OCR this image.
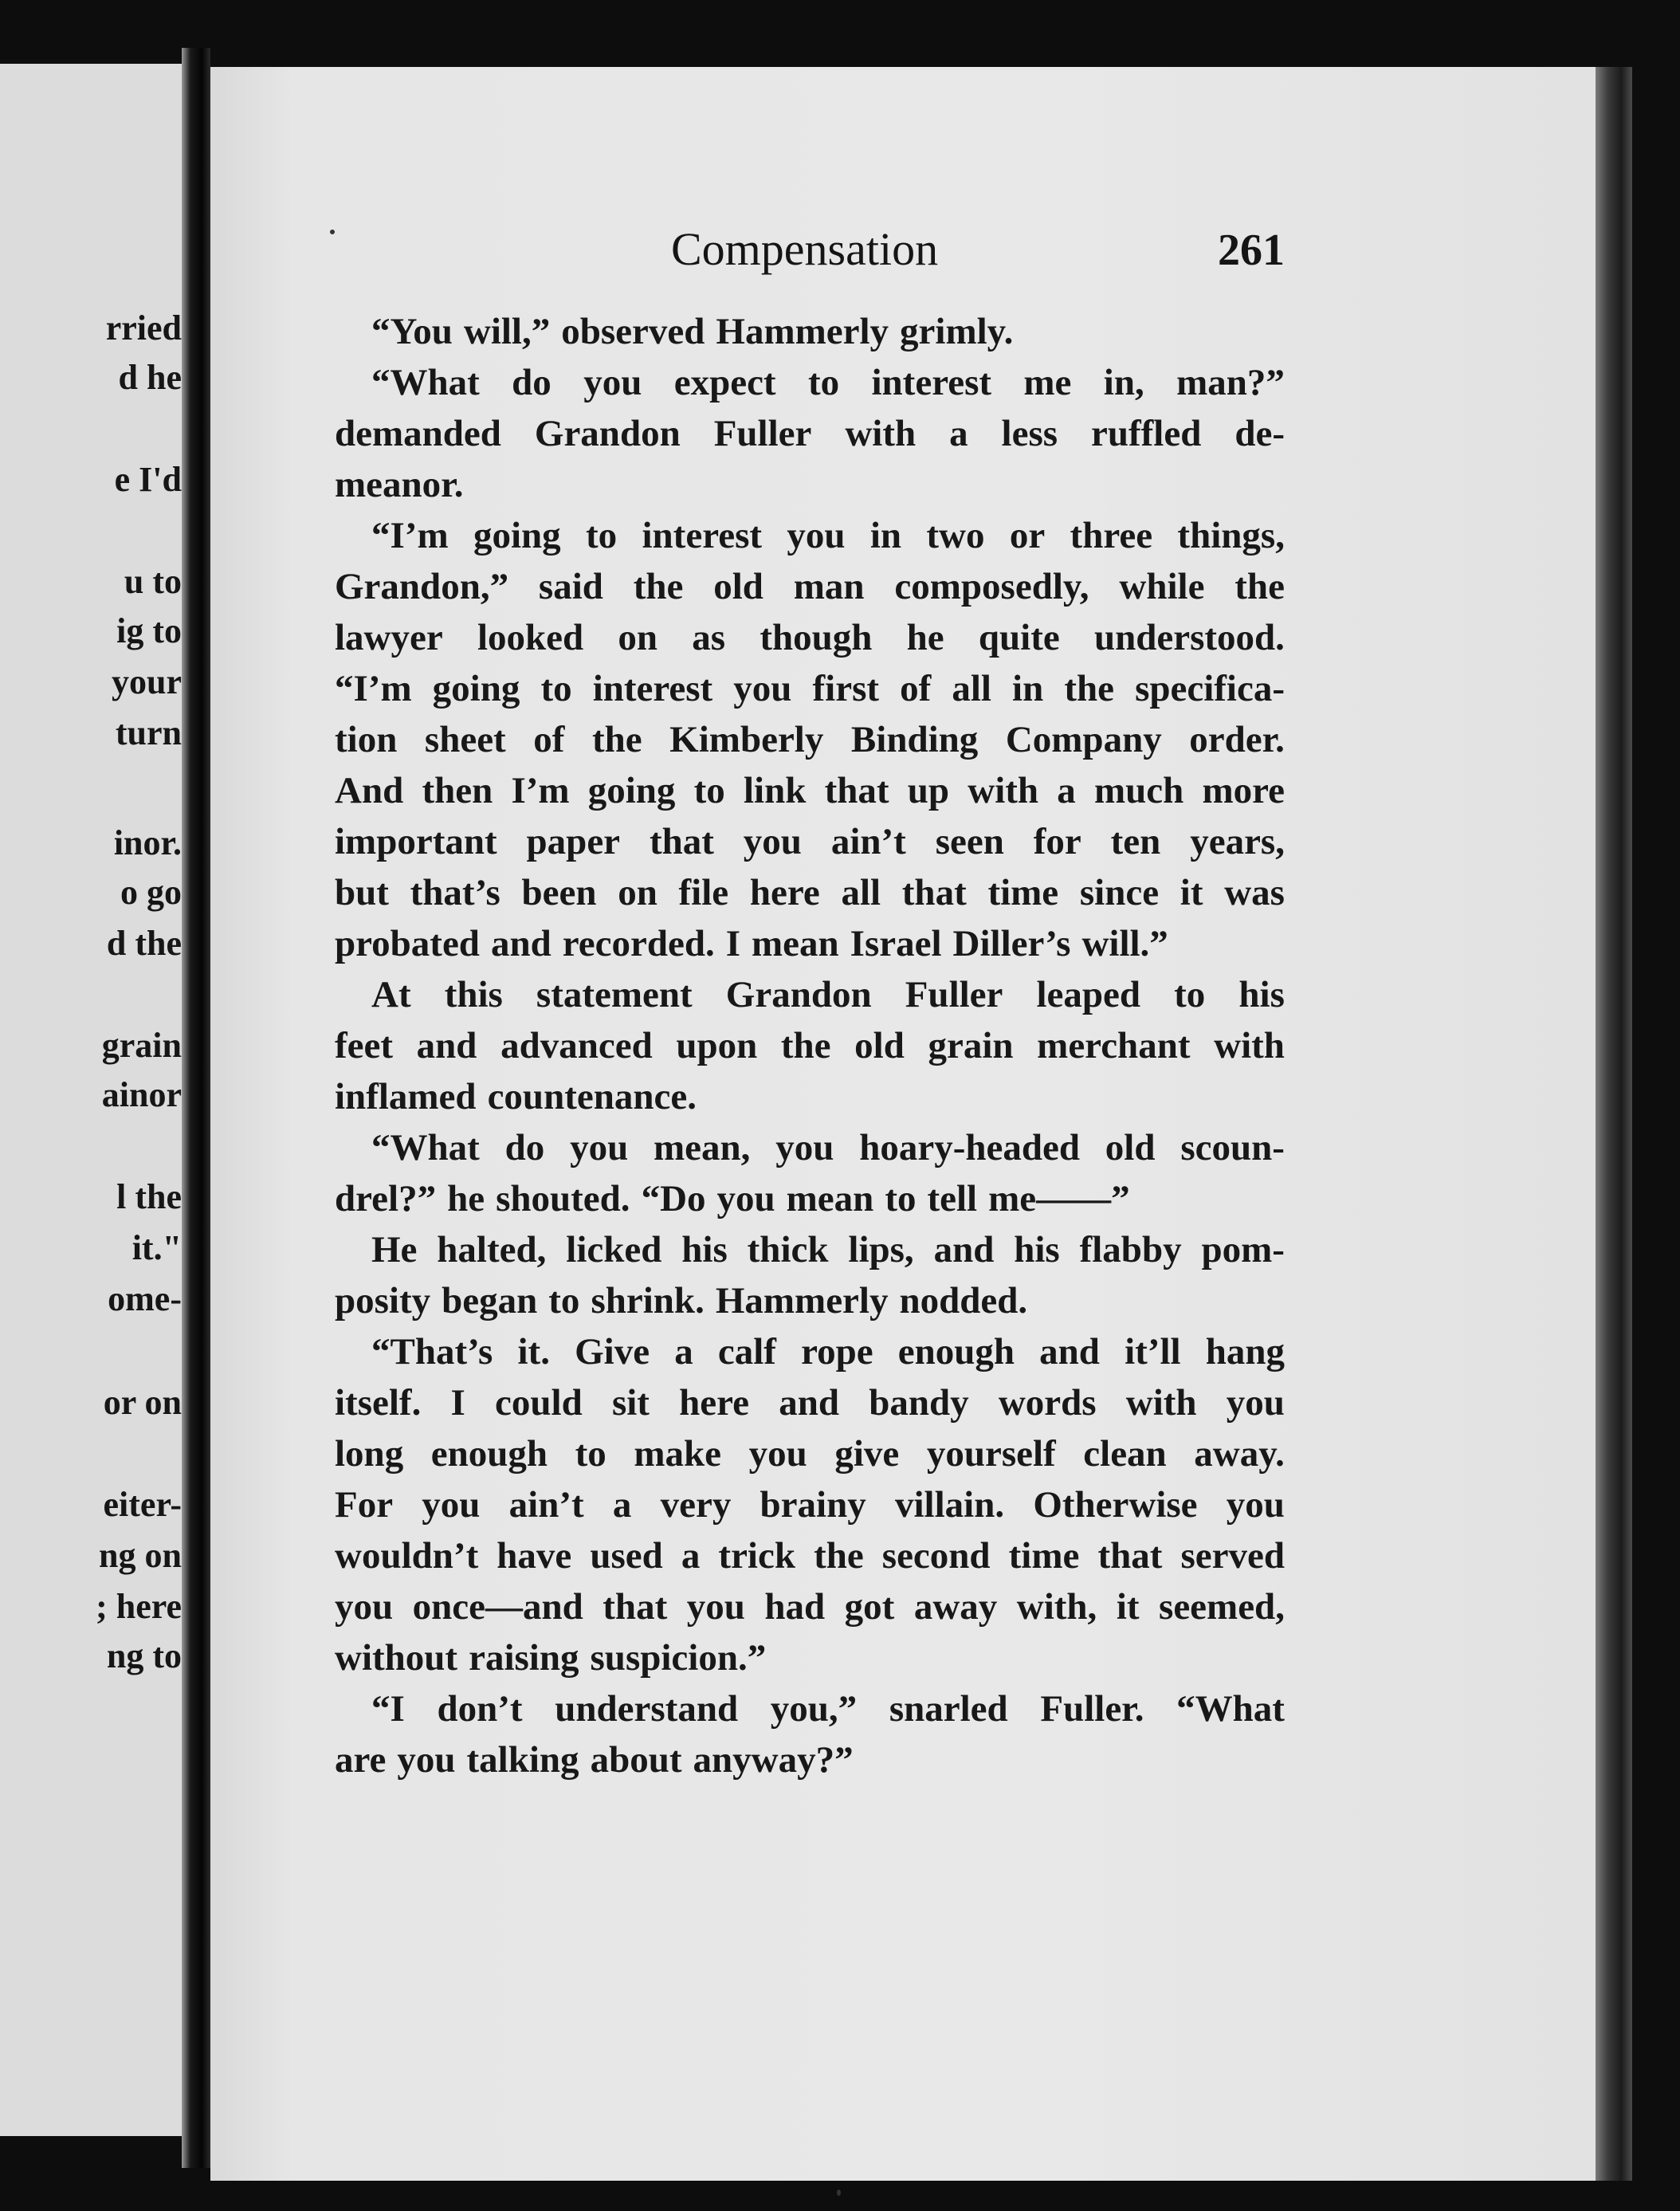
rried
d he
e I'd
u to
ig to
your
turn
inor.
o go
d the
grain
ainor
l the
it."
ome-
or on
eiter-
ng on
; here
ng to
Compensation	261
“You will,” observed Hammerly grimly.
“What do you expect to interest me in, man?”
demanded Grandon Fuller with a less ruffled de-
meanor.
“I’m going to interest you in two or three things,
Grandon,” said the old man composedly, while the
lawyer looked on as though he quite understood.
“I’m going to interest you first of all in the specifica-
tion sheet of the Kimberly Binding Company order.
And then I’m going to link that up with a much more
important paper that you ain’t seen for ten years,
but that’s been on file here all that time since it was
probated and recorded. I mean Israel Diller’s will.”
At this statement Grandon Fuller leaped to his
feet and advanced upon the old grain merchant with
inflamed countenance.
“What do you mean, you hoary-headed old scoun-
drel?” he shouted. “Do you mean to tell me——”
He halted, licked his thick lips, and his flabby pom-
posity began to shrink. Hammerly nodded.
“That’s it. Give a calf rope enough and it’ll hang
itself. I could sit here and bandy words with you
long enough to make you give yourself clean away.
For you ain’t a very brainy villain. Otherwise you
wouldn’t have used a trick the second time that served
you once—and that you had got away with, it seemed,
without raising suspicion.”
“I don’t understand you,” snarled Fuller. “What
are you talking about anyway?”
